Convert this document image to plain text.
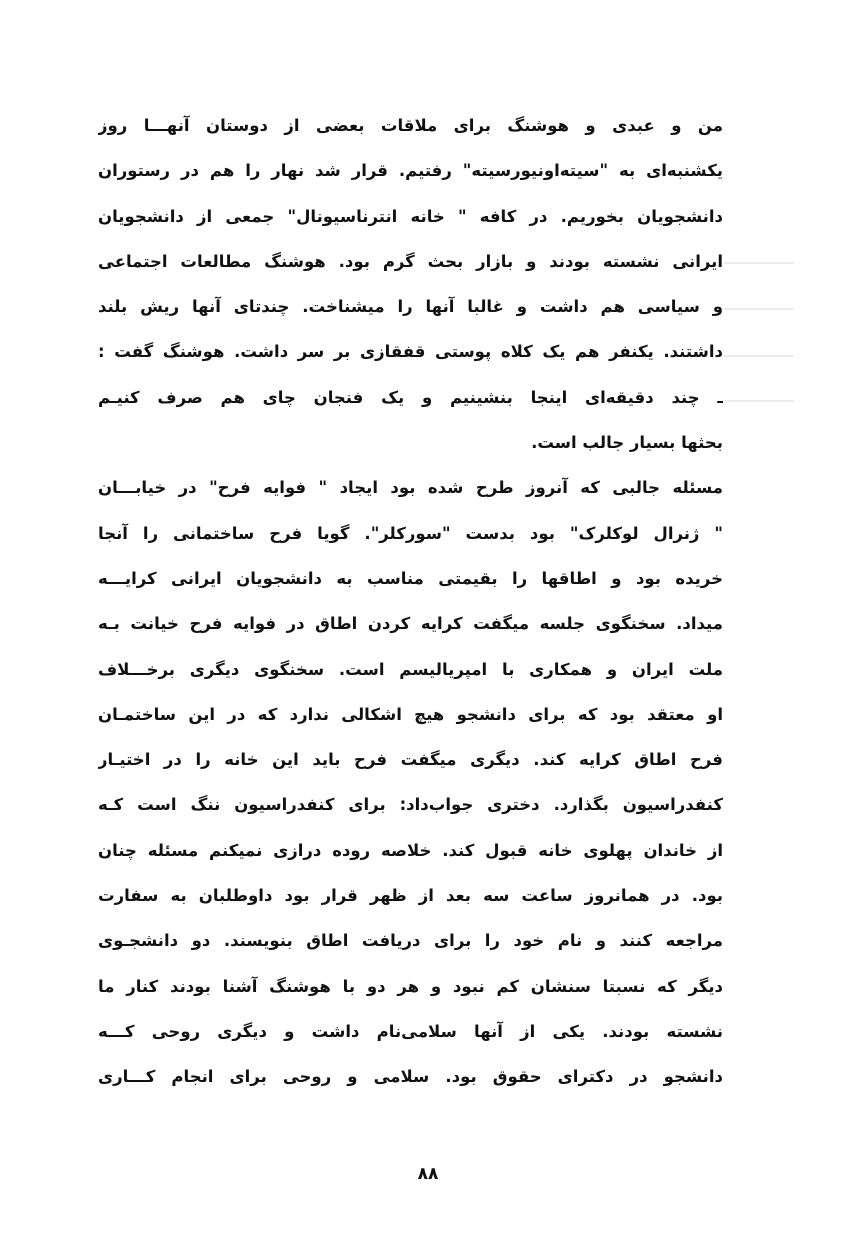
من و عبدی و هوشنگ برای ملاقات بعضی از دوستان آنهـــا روز
یکشنبه‌ای به "سیته‌اونیورسیته" رفتیم. قرار شد نهار را هم در رستوران
دانشجویان بخوریم. در کافه " خانه انترناسیونال" جمعی از دانشجویان
ایرانی نشسته بودند و بازار بحث گرم بود. هوشنگ مطالعات اجتماعی
و سیاسی هم داشت و غالبا آنها را میشناخت. چندتای آنها ریش بلند
داشتند. یکنفر هم یک کلاه پوستی قفقازی بر سر داشت. هوشنگ گفت :
ـ چند دقیقه‌ای اینجا بنشینیم و یک فنجان چای هم صرف کنیـم
بحثها بسیار جالب است.
مسئله جالبی که آنروز طرح شده بود ایجاد " فوایه فرح" در خیابـــان
" ژنرال لوکلرک" بود بدست "سورکلر". گویا فرح ساختمانی را آنجا
خریده بود و اطاقها را بقیمتی مناسب به دانشجویان ایرانی کرایـــه
میداد. سخنگوی جلسه میگفت کرایه کردن اطاق در فوایه فرح خیانت بـه
ملت ایران و همکاری با امپریالیسم است. سخنگوی دیگری برخـــلاف
او معتقد بود که برای دانشجو هیچ اشکالی ندارد که در این ساختمـان
فرح اطاق کرایه کند. دیگری میگفت فرح باید این خانه را در اختیـار
کنفدراسیون بگذارد. دختری جواب‌داد: برای کنفدراسیون ننگ است کـه
از خاندان پهلوی خانه قبول کند. خلاصه روده درازی نمیکنم مسئله چنان
بود. در همانروز ساعت سه بعد از ظهر قرار بود داوطلبان به سفارت
مراجعه کنند و نام خود را برای دریافت اطاق بنویسند. دو دانشجـوی
دیگر که نسبتا سنشان کم نبود و هر دو با هوشنگ آشنا بودند کنار ما
نشسته بودند. یکی از آنها سلامی‌نام داشت و دیگری روحی کـــه
دانشجو در دکترای حقوق بود. سلامی و روحی برای انجام کـــاری
۸۸
